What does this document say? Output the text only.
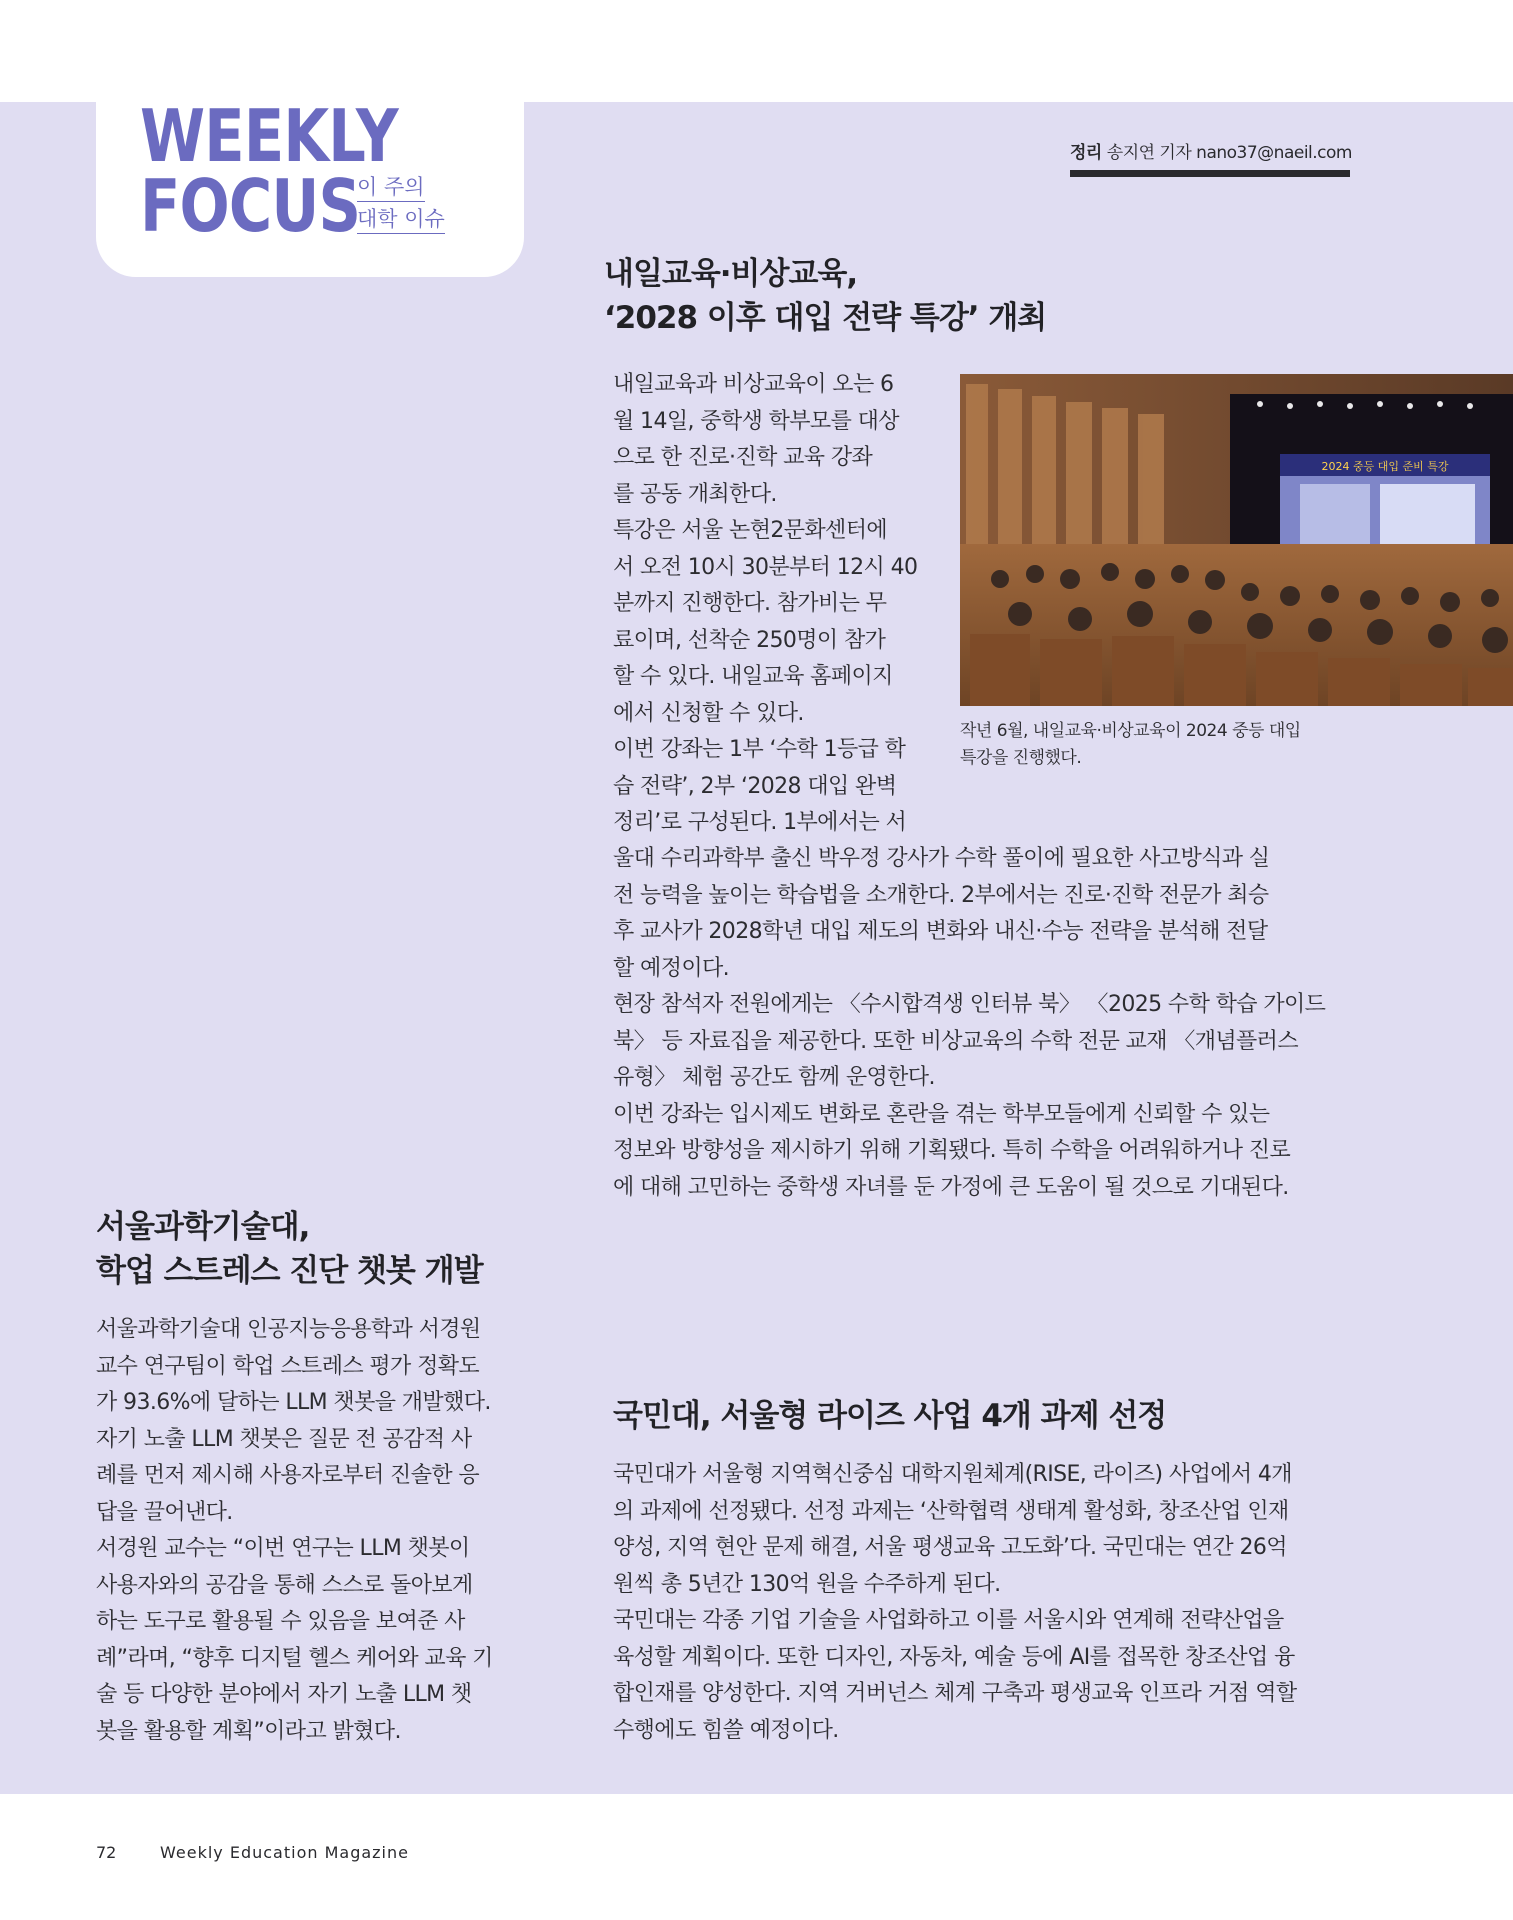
WEEKLY
FOCUS
이 주의
대학 이슈
정리 송지연 기자 nano37@naeil.com
내일교육·비상교육,
‘2028 이후 대입 전략 특강’ 개최

내일교육과 비상교육이 오는 6

월 14일, 중학생 학부모를 대상

으로 한 진로·진학 교육 강좌

를 공동 개최한다.

특강은 서울 논현2문화센터에

서 오전 10시 30분부터 12시 40

분까지 진행한다. 참가비는 무

료이며, 선착순 250명이 참가

할 수 있다. 내일교육 홈페이지

에서 신청할 수 있다.

이번 강좌는 1부 ‘수학 1등급 학

습 전략’, 2부 ‘2028 대입 완벽

정리’로 구성된다. 1부에서는 서

울대 수리과학부 출신 박우정 강사가 수학 풀이에 필요한 사고방식과 실

전 능력을 높이는 학습법을 소개한다. 2부에서는 진로·진학 전문가 최승

후 교사가 2028학년 대입 제도의 변화와 내신·수능 전략을 분석해 전달

할 예정이다.

현장 참석자 전원에게는 〈수시합격생 인터뷰 북〉 〈2025 수학 학습 가이드

북〉 등 자료집을 제공한다. 또한 비상교육의 수학 전문 교재 〈개념플러스

유형〉 체험 공간도 함께 운영한다.

이번 강좌는 입시제도 변화로 혼란을 겪는 학부모들에게 신뢰할 수 있는

정보와 방향성을 제시하기 위해 기획됐다. 특히 수학을 어려워하거나 진로

에 대해 고민하는 중학생 자녀를 둔 가정에 큰 도움이 될 것으로 기대된다.

2024 중등 대입 준비 특강
작년 6월, 내일교육·비상교육이 2024 중등 대입
특강을 진행했다.
서울과학기술대,
학업 스트레스 진단 챗봇 개발

서울과학기술대 인공지능응용학과 서경원

교수 연구팀이 학업 스트레스 평가 정확도

가 93.6%에 달하는 LLM 챗봇을 개발했다.

자기 노출 LLM 챗봇은 질문 전 공감적 사

례를 먼저 제시해 사용자로부터 진솔한 응

답을 끌어낸다.

서경원 교수는 “이번 연구는 LLM 챗봇이

사용자와의 공감을 통해 스스로 돌아보게

하는 도구로 활용될 수 있음을 보여준 사

례”라며, “향후 디지털 헬스 케어와 교육 기

술 등 다양한 분야에서 자기 노출 LLM 챗

봇을 활용할 계획”이라고 밝혔다.

국민대, 서울형 라이즈 사업 4개 과제 선정

국민대가 서울형 지역혁신중심 대학지원체계(RISE, 라이즈) 사업에서 4개

의 과제에 선정됐다. 선정 과제는 ‘산학협력 생태계 활성화, 창조산업 인재

양성, 지역 현안 문제 해결, 서울 평생교육 고도화’다. 국민대는 연간 26억

원씩 총 5년간 130억 원을 수주하게 된다.

국민대는 각종 기업 기술을 사업화하고 이를 서울시와 연계해 전략산업을

육성할 계획이다. 또한 디자인, 자동차, 예술 등에 AI를 접목한 창조산업 융

합인재를 양성한다. 지역 거버넌스 체계 구축과 평생교육 인프라 거점 역할

수행에도 힘쓸 예정이다.

72	Weekly Education Magazine
